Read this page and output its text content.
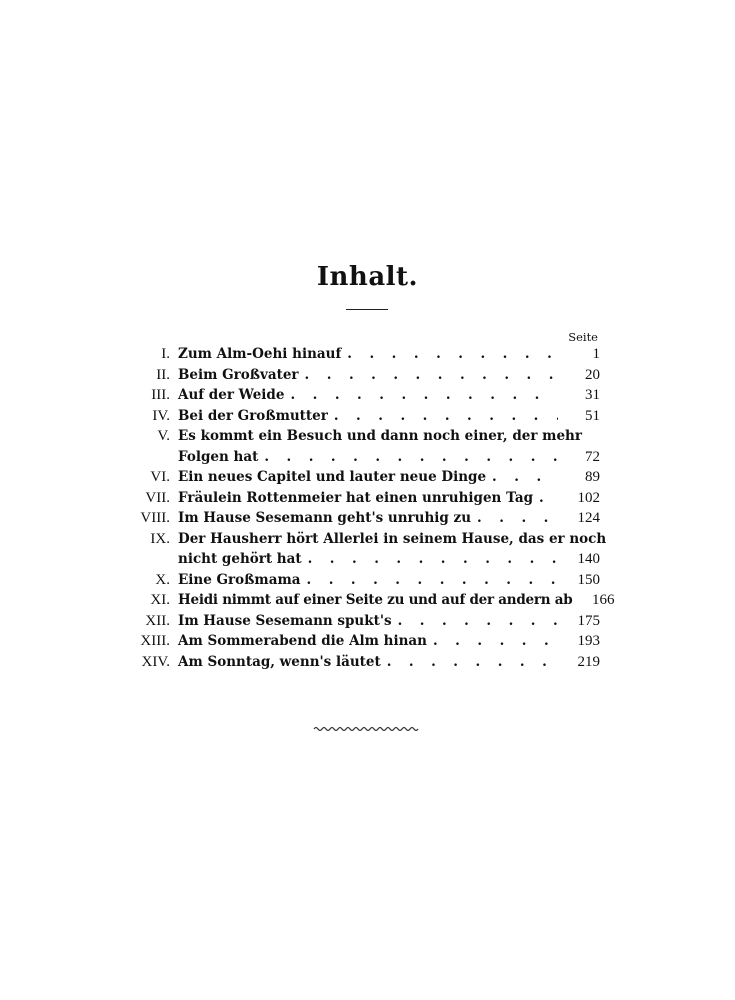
Inhalt.
Seite
I. Zum Alm-Oehi hinauf . . .	1
II. Beim Großvater . . .	20
III. Auf der Weide . . .	31
IV. Bei der Großmutter . . .	51
V. Es kommt ein Besuch und dann noch einer, der mehr
Folgen hat . . .	72
VI. Ein neues Capitel und lauter neue Dinge . . .	89
VII. Fräulein Rottenmeier hat einen unruhigen Tag . . .	102
VIII. Im Hause Sesemann geht's unruhig zu . . .	124
IX. Der Hausherr hört Allerlei in seinem Hause, das er noch
nicht gehört hat . . .	140
X. Eine Großmama . . .	150
XI. Heidi nimmt auf einer Seite zu und auf der andern ab	166
XII. Im Hause Sesemann spukt's . . .	175
XIII. Am Sommerabend die Alm hinan . . .	193
XIV. Am Sonntag, wenn's läutet . . .	219
